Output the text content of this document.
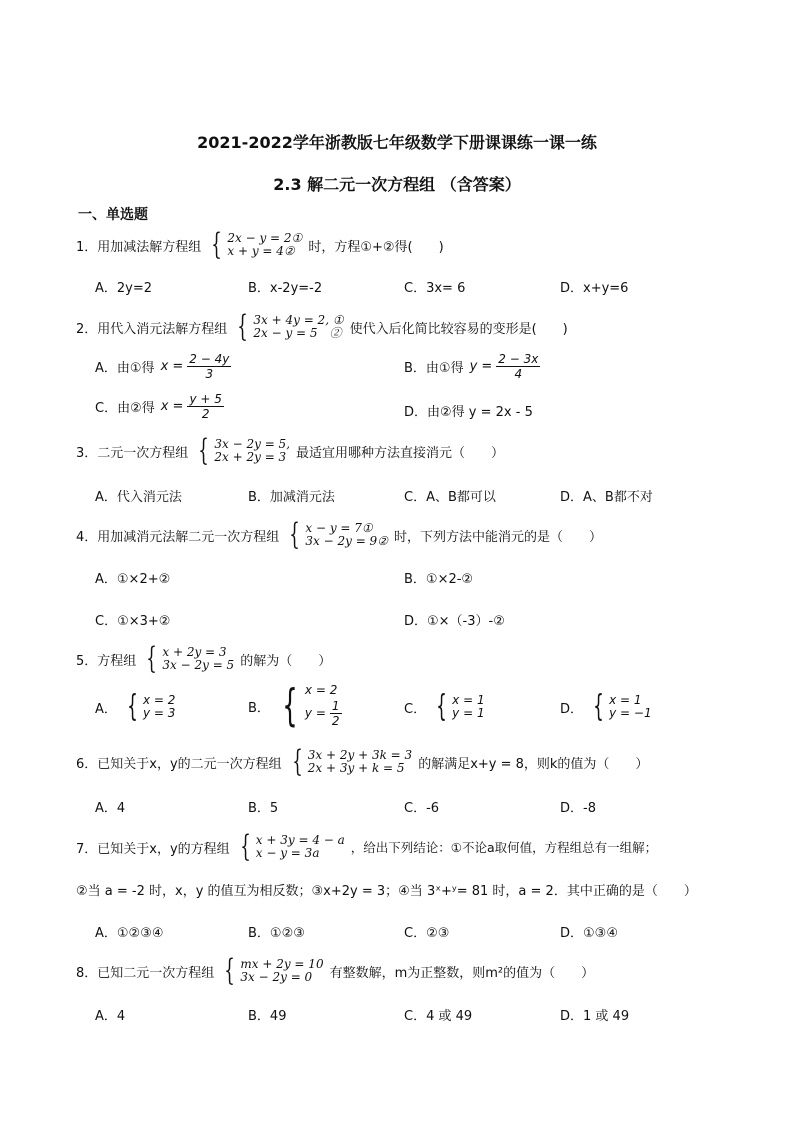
2021-2022学年浙教版七年级数学下册课课练一课一练
2.3 解二元一次方程组 （含答案）
一、单选题
1．用加减法解方程组 { 2x − y = 2①
x + y = 4②	时，方程①+②得(　　)
A．2y=2	B．x-2y=-2	C．3x= 6	D．x+y=6
2．用代入消元法解方程组 { 3x + 4y = 2, ①
2x − y = 5　② 使代入后化简比较容易的变形是(　　)
A．由①得 $x = \frac{2 - 4y}{3}$	B．由①得 $y = \frac{2 - 3x}{4}$
C．由②得 $x = \frac{y + 5}{2}$	D．由②得 y = 2x - 5
3．二元一次方程组 { 3x − 2y = 5,
2x + 2y = 3 最适宜用哪种方法直接消元（　　）
A．代入消元法	B．加减消元法	C．A、B都可以	D．A、B都不对
4．用加减消元法解二元一次方程组 { x − y = 7①
3x − 2y = 9② 时，下列方法中能消元的是（　　）
A．①×2+②	B．①×2-②
C．①×3+②	D．①×（-3）-②
5．方程组 { x + 2y = 3
3x − 2y = 5 的解为（　　）
A． { x = 2
y = 3	B． { x = 2
$y = \frac{1}{2}$	C． { x = 1
y = 1	D． { x = 1
y = −1
6．已知关于x，y的二元一次方程组 { 3x + 2y + 3k = 3
2x + 3y + k = 5	的解满足x+y = 8，则k的值为（　　）
A．4	B．5	C．-6	D．-8
7．已知关于x，y的方程组 { x + 3y = 4 − a
x − y = 3a	，给出下列结论：①不论a取何值，方程组总有一组解；
②当 a = -2 时，x，y 的值互为相反数；③x+2y = 3；④当 3ˣ+ʸ= 81 时，a = 2．其中正确的是（　　）
A．①②③④	B．①②③	C．②③	D．①③④
8．已知二元一次方程组 { mx + 2y = 10
3x − 2y = 0	有整数解，m为正整数，则m²的值为（　　）
A．4	B．49	C．4 或 49	D．1 或 49
